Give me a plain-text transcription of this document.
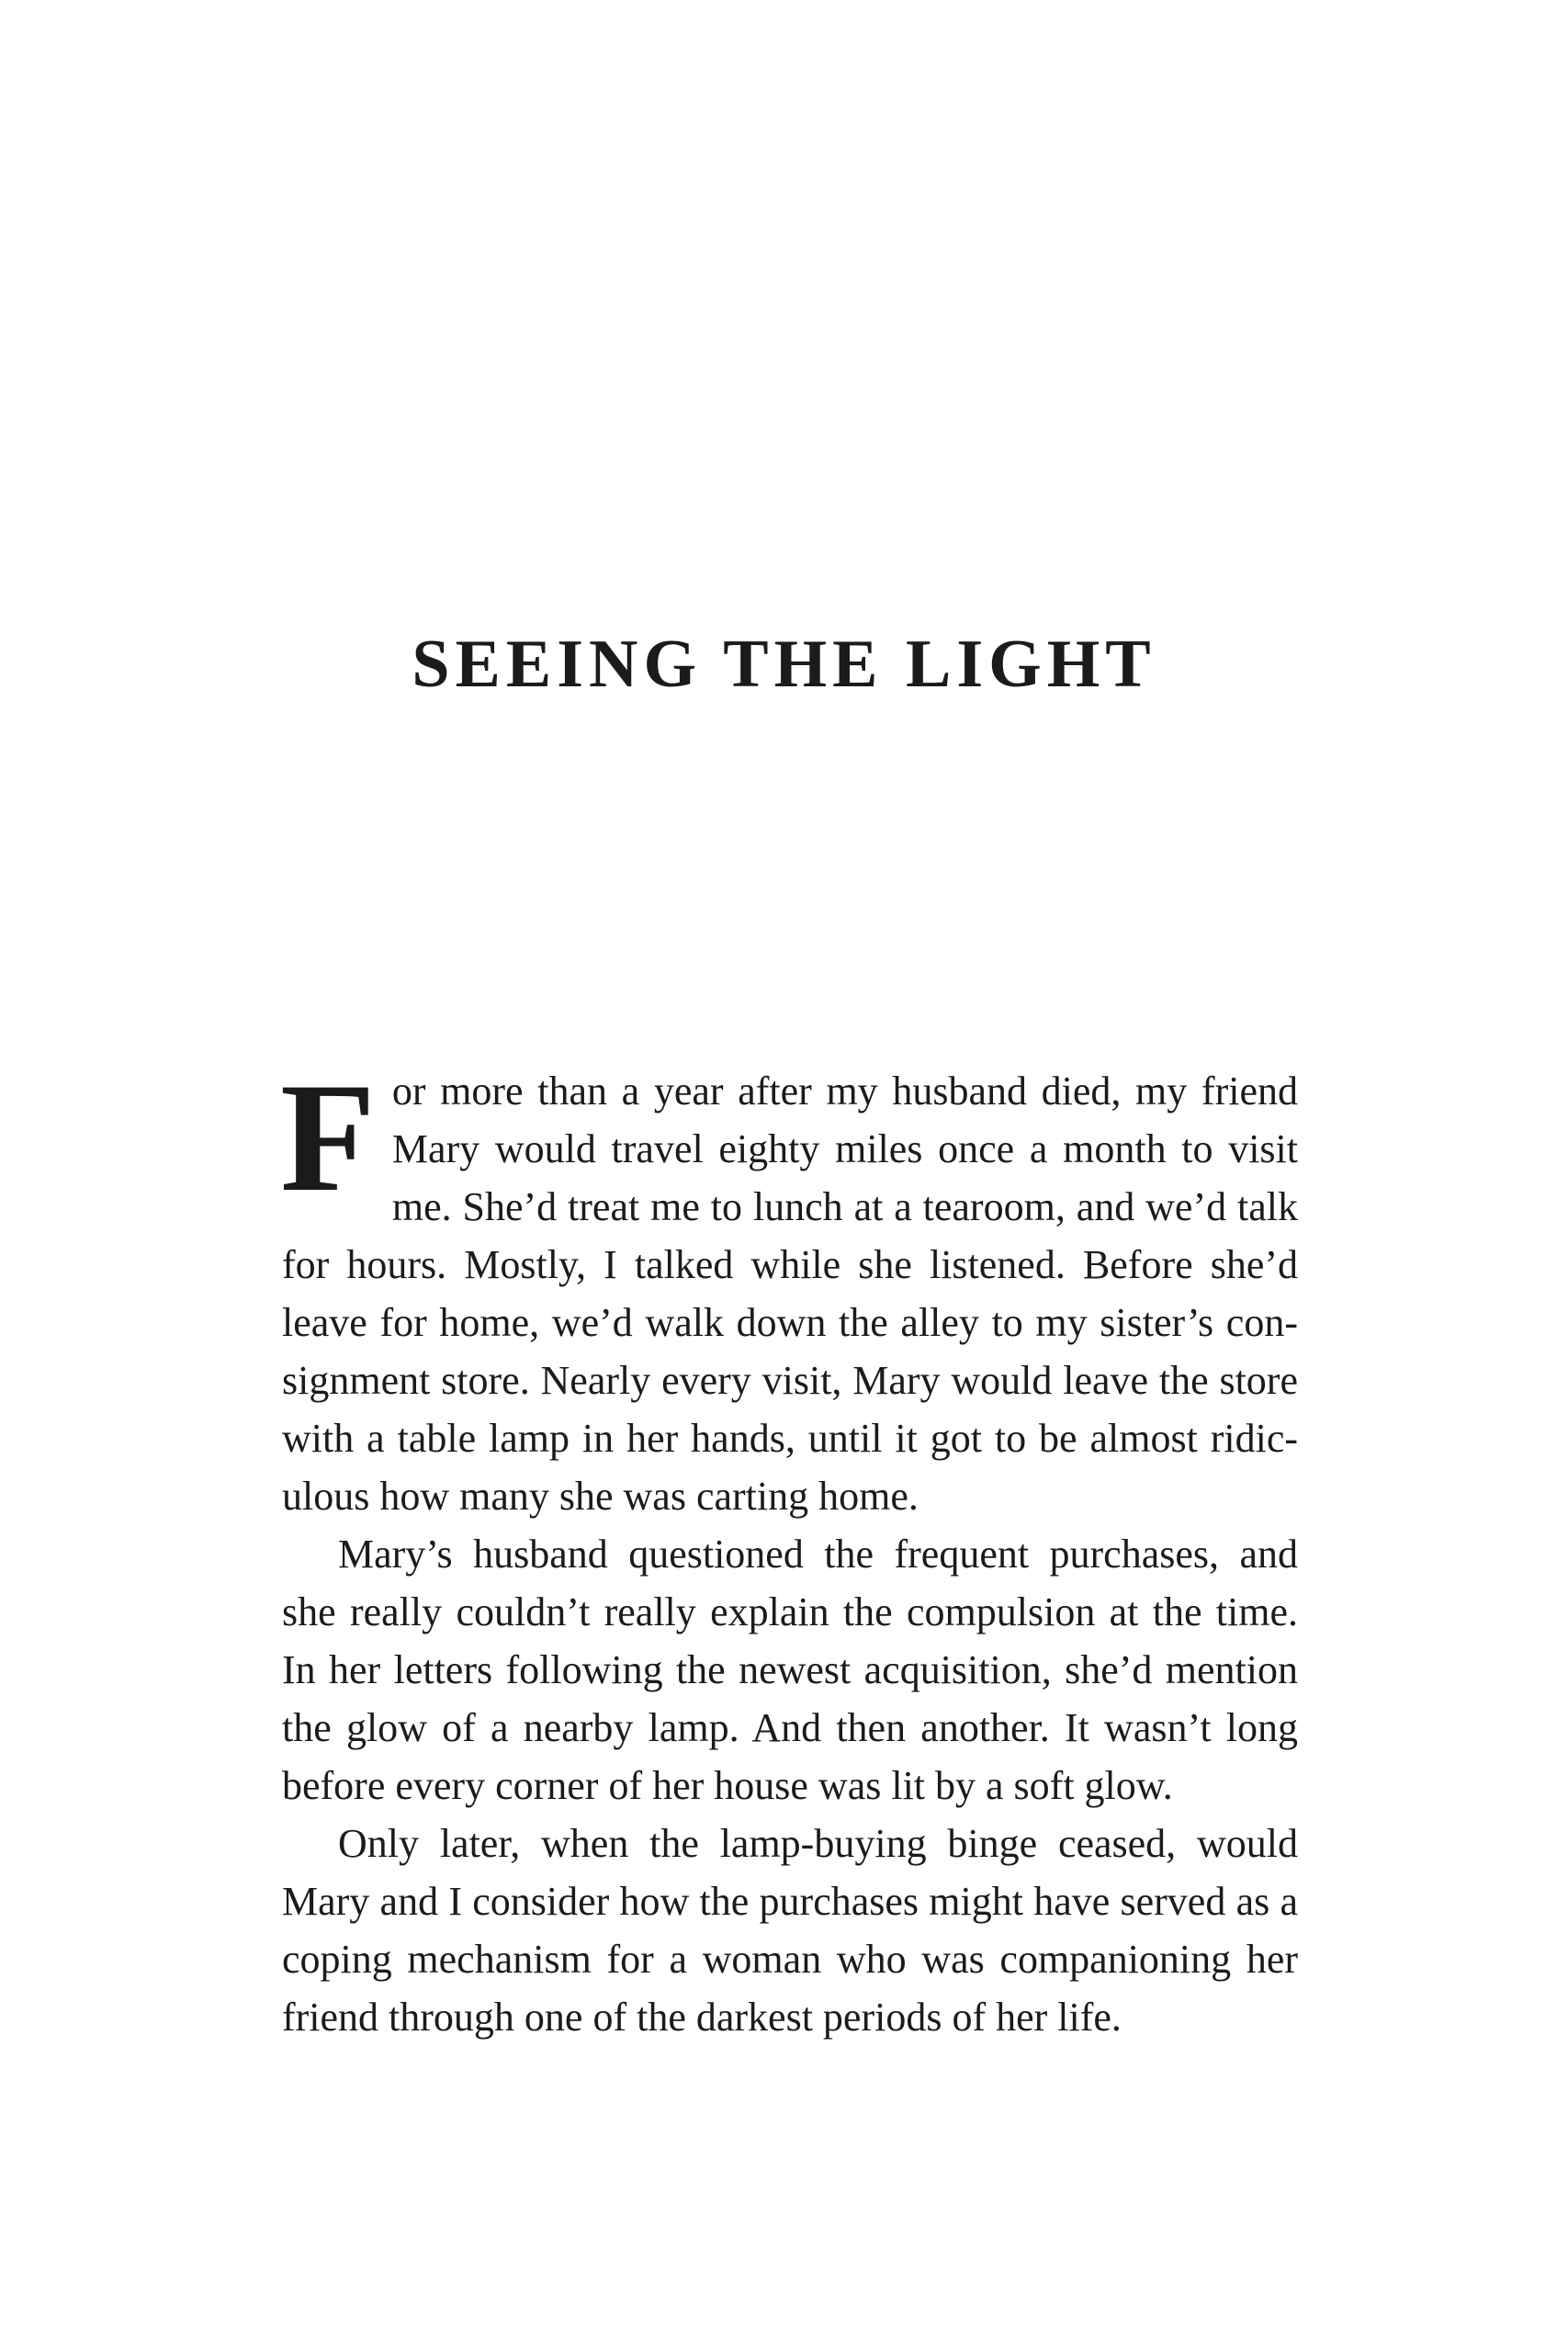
SEEING THE LIGHT

For more than a year after my husband died, my friend Mary would travel eighty miles once a month to visit me. She’d treat me to lunch at a tearoom, and we’d talk for hours. Mostly, I talked while she listened. Before she’d leave for home, we’d walk down the alley to my sister’s consignment store. Nearly every visit, Mary would leave the store with a table lamp in her hands, until it got to be almost ridiculous how many she was carting home.

Mary’s husband questioned the frequent purchases, and she really couldn’t really explain the compulsion at the time. In her letters following the newest acquisition, she’d mention the glow of a nearby lamp. And then another. It wasn’t long before every corner of her house was lit by a soft glow.

Only later, when the lamp-buying binge ceased, would Mary and I consider how the purchases might have served as a coping mechanism for a woman who was companioning her friend through one of the darkest periods of her life.
